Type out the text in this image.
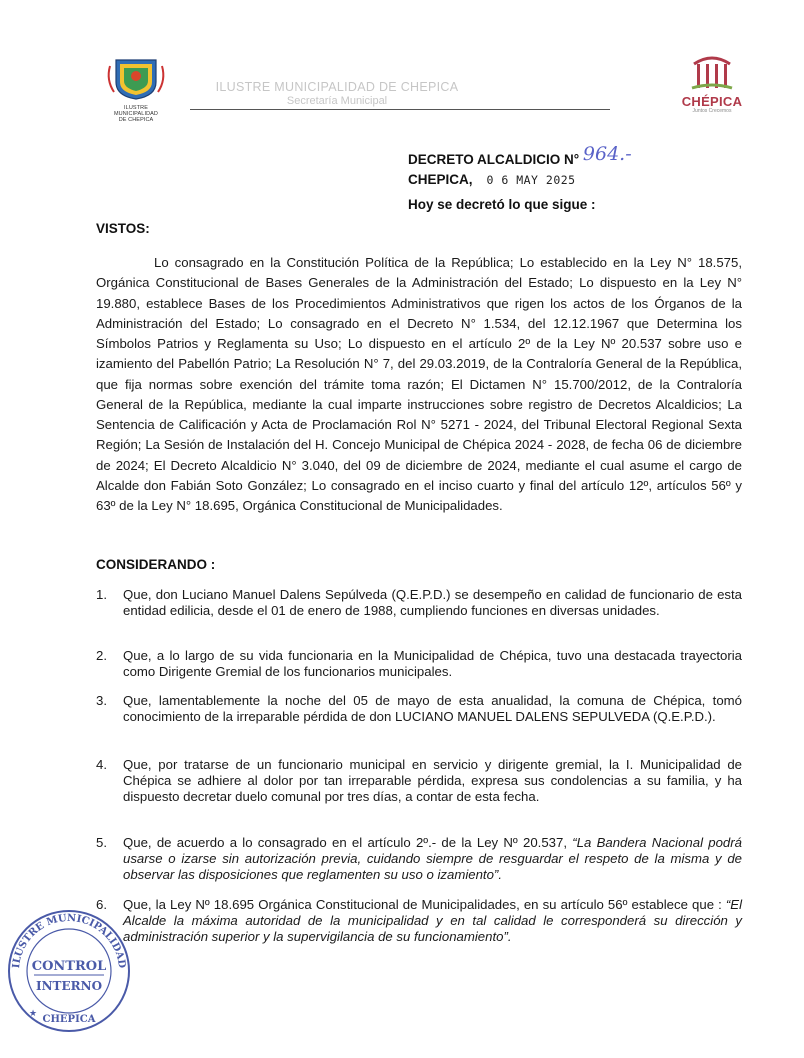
ILUSTRE MUNICIPALIDAD
DE CHEPICA
ILUSTRE MUNICIPALIDAD DE CHEPICA
Secretaría Municipal	CHÉPICA
Juntos Crecemos
DECRETO ALCALDICIO N° 964.-
CHEPICA, 0 6 MAY 2025
Hoy se decretó lo que sigue :
VISTOS:
Lo consagrado en la Constitución Política de la República; Lo establecido en la Ley N° 18.575, Orgánica Constitucional de Bases Generales de la Administración del Estado; Lo dispuesto en la Ley N° 19.880, establece Bases de los Procedimientos Administrativos que rigen los actos de los Órganos de la Administración del Estado; Lo consagrado en el Decreto N° 1.534, del 12.12.1967 que Determina los Símbolos Patrios y Reglamenta su Uso; Lo dispuesto en el artículo 2º de la Ley Nº 20.537 sobre uso e izamiento del Pabellón Patrio; La Resolución N° 7, del 29.03.2019, de la Contraloría General de la República, que fija normas sobre exención del trámite toma razón; El Dictamen N° 15.700/2012, de la Contraloría General de la República, mediante la cual imparte instrucciones sobre registro de Decretos Alcaldicios; La Sentencia de Calificación y Acta de Proclamación Rol N° 5271 - 2024, del Tribunal Electoral Regional Sexta Región; La Sesión de Instalación del H. Concejo Municipal de Chépica 2024 - 2028, de fecha 06 de diciembre de 2024; El Decreto Alcaldicio N° 3.040, del 09 de diciembre de 2024, mediante el cual asume el cargo de Alcalde don Fabián Soto González; Lo consagrado en el inciso cuarto y final del artículo 12º, artículos 56º y 63º de la Ley N° 18.695, Orgánica Constitucional de Municipalidades.
CONSIDERANDO :
1.	Que, don Luciano Manuel Dalens Sepúlveda (Q.E.P.D.) se desempeño en calidad de funcionario de esta entidad edilicia, desde el 01 de enero de 1988, cumpliendo funciones en diversas unidades.
2.	Que, a lo largo de su vida funcionaria en la Municipalidad de Chépica, tuvo una destacada trayectoria como Dirigente Gremial de los funcionarios municipales.
3.	Que, lamentablemente la noche del 05 de mayo de esta anualidad, la comuna de Chépica, tomó conocimiento de la irreparable pérdida de don LUCIANO MANUEL DALENS SEPULVEDA (Q.E.P.D.).
4.	Que, por tratarse de un funcionario municipal en servicio y dirigente gremial, la I. Municipalidad de Chépica se adhiere al dolor por tan irreparable pérdida, expresa sus condolencias a su familia, y ha dispuesto decretar duelo comunal por tres días, a contar de esta fecha.
5.	Que, de acuerdo a lo consagrado en el artículo 2º.- de la Ley Nº 20.537, “La Bandera Nacional podrá usarse o izarse sin autorización previa, cuidando siempre de resguardar el respeto de la misma y de observar las disposiciones que reglamenten su uso o izamiento”.
6.	Que, la Ley Nº 18.695 Orgánica Constitucional de Municipalidades, en su artículo 56º establece que : “El Alcalde la máxima autoridad de la municipalidad y en tal calidad le corresponderá su dirección y administración superior y la supervigilancia de su funcionamiento”.
ILUSTRE MUNICIPALIDAD
CONTROL
INTERNO
CHEPICA
★
